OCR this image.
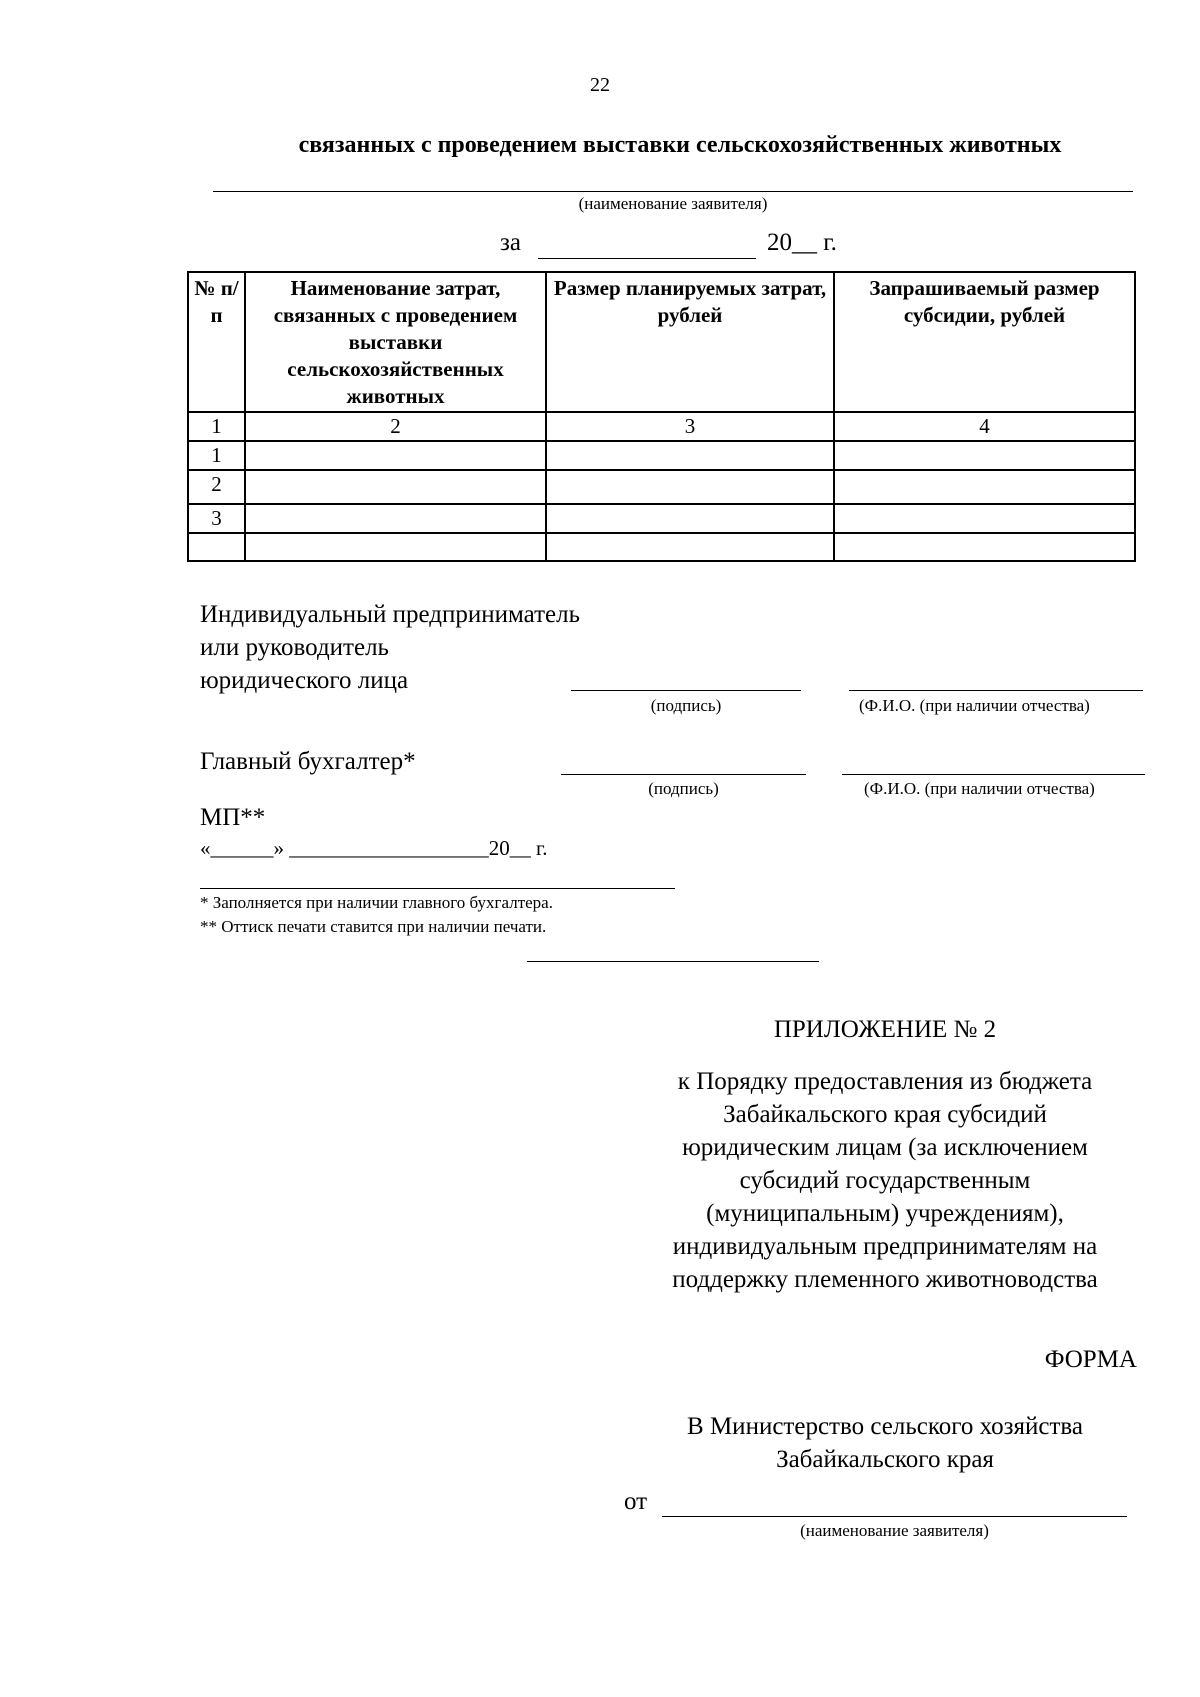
22
связанных с проведением выставки сельскохозяйственных животных
(наименование заявителя)
за	20__ г.
№ п/п	Наименование затрат, связанных с проведением выставки сельскохозяйственных животных	Размер планируемых затрат, рублей	Запрашиваемый размер субсидии, рублей
1	2	3	4
1			
2			
3			

Индивидуальный предприниматель
или руководитель
юридического лица
(подпись)	(Ф.И.О. (при наличии отчества)
Главный бухгалтер*
(подпись)	(Ф.И.О. (при наличии отчества)
МП**
«______» ___________________20__ г.
* Заполняется при наличии главного бухгалтера.
** Оттиск печати ставится при наличии печати.
ПРИЛОЖЕНИЕ № 2
к Порядку предоставления из бюджета
Забайкальского края субсидий
юридическим лицам (за исключением
субсидий государственным
(муниципальным) учреждениям),
индивидуальным предпринимателям на
поддержку племенного животноводства
ФОРМА
В Министерство сельского хозяйства
Забайкальского края
от
(наименование заявителя)
